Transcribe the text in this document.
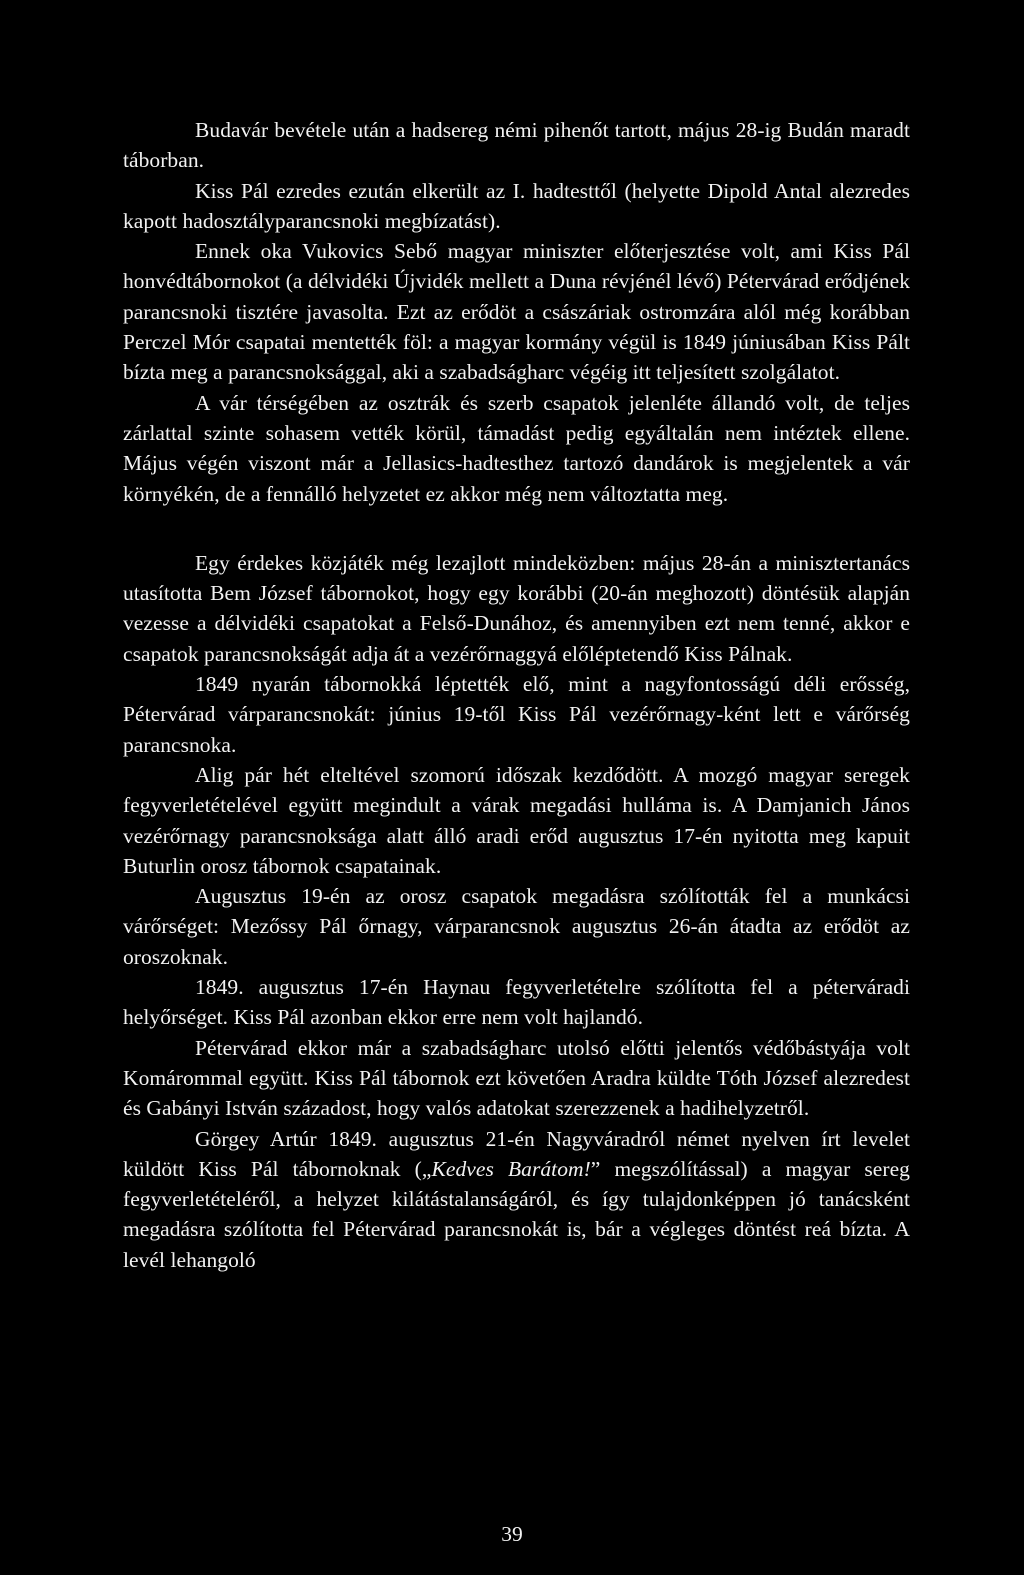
Budavár bevétele után a hadsereg némi pihenőt tartott, május 28-ig Budán maradt táborban.

Kiss Pál ezredes ezután elkerült az I. hadtesttől (helyette Dipold Antal alezredes kapott hadosztályparancsnoki megbízatást).

Ennek oka Vukovics Sebő magyar miniszter előterjesztése volt, ami Kiss Pál honvédtábornokot (a délvidéki Újvidék mellett a Duna révjénél lévő) Pétervárad erődjének parancsnoki tisztére javasolta. Ezt az erődöt a császáriak ostromzára alól még korábban Perczel Mór csapatai mentették föl: a magyar kormány végül is 1849 júniusában Kiss Pált bízta meg a parancsnoksággal, aki a szabadságharc végéig itt teljesített szolgálatot.

A vár térségében az osztrák és szerb csapatok jelenléte állandó volt, de teljes zárlattal szinte sohasem vették körül, támadást pedig egyáltalán nem intéztek ellene. Május végén viszont már a Jellasics-hadtesthez tartozó dandárok is megjelentek a vár környékén, de a fennálló helyzetet ez akkor még nem változtatta meg.

Egy érdekes közjáték még lezajlott mindeközben: május 28-án a minisztertanács utasította Bem József tábornokot, hogy egy korábbi (20-án meghozott) döntésük alapján vezesse a délvidéki csapatokat a Felső-Dunához, és amennyiben ezt nem tenné, akkor e csapatok parancsnokságát adja át a vezérőrnaggyá előléptetendő Kiss Pálnak.

1849 nyarán tábornokká léptették elő, mint a nagyfontosságú déli erősség, Pétervárad várparancsnokát: június 19-től Kiss Pál vezérőrnagy-ként lett e várőrség parancsnoka.

Alig pár hét elteltével szomorú időszak kezdődött. A mozgó magyar seregek fegyverletételével együtt megindult a várak megadási hulláma is. A Damjanich János vezérőrnagy parancsnoksága alatt álló aradi erőd augusztus 17-én nyitotta meg kapuit Buturlin orosz tábornok csapatainak.

Augusztus 19-én az orosz csapatok megadásra szólították fel a munkácsi várőrséget: Mezőssy Pál őrnagy, várparancsnok augusztus 26-án átadta az erődöt az oroszoknak.

1849. augusztus 17-én Haynau fegyverletételre szólította fel a péterváradi helyőrséget. Kiss Pál azonban ekkor erre nem volt hajlandó.

Pétervárad ekkor már a szabadságharc utolsó előtti jelentős védőbástyája volt Komárommal együtt. Kiss Pál tábornok ezt követően Aradra küldte Tóth József alezredest és Gabányi István századost, hogy valós adatokat szerezzenek a hadihelyzetről.

Görgey Artúr 1849. augusztus 21-én Nagyváradról német nyelven írt levelet küldött Kiss Pál tábornoknak („Kedves Barátom!” megszólítással) a magyar sereg fegyverletételéről, a helyzet kilátástalanságáról, és így tulajdonképpen jó tanácsként megadásra szólította fel Pétervárad parancsnokát is, bár a végleges döntést reá bízta. A levél lehangoló

39
